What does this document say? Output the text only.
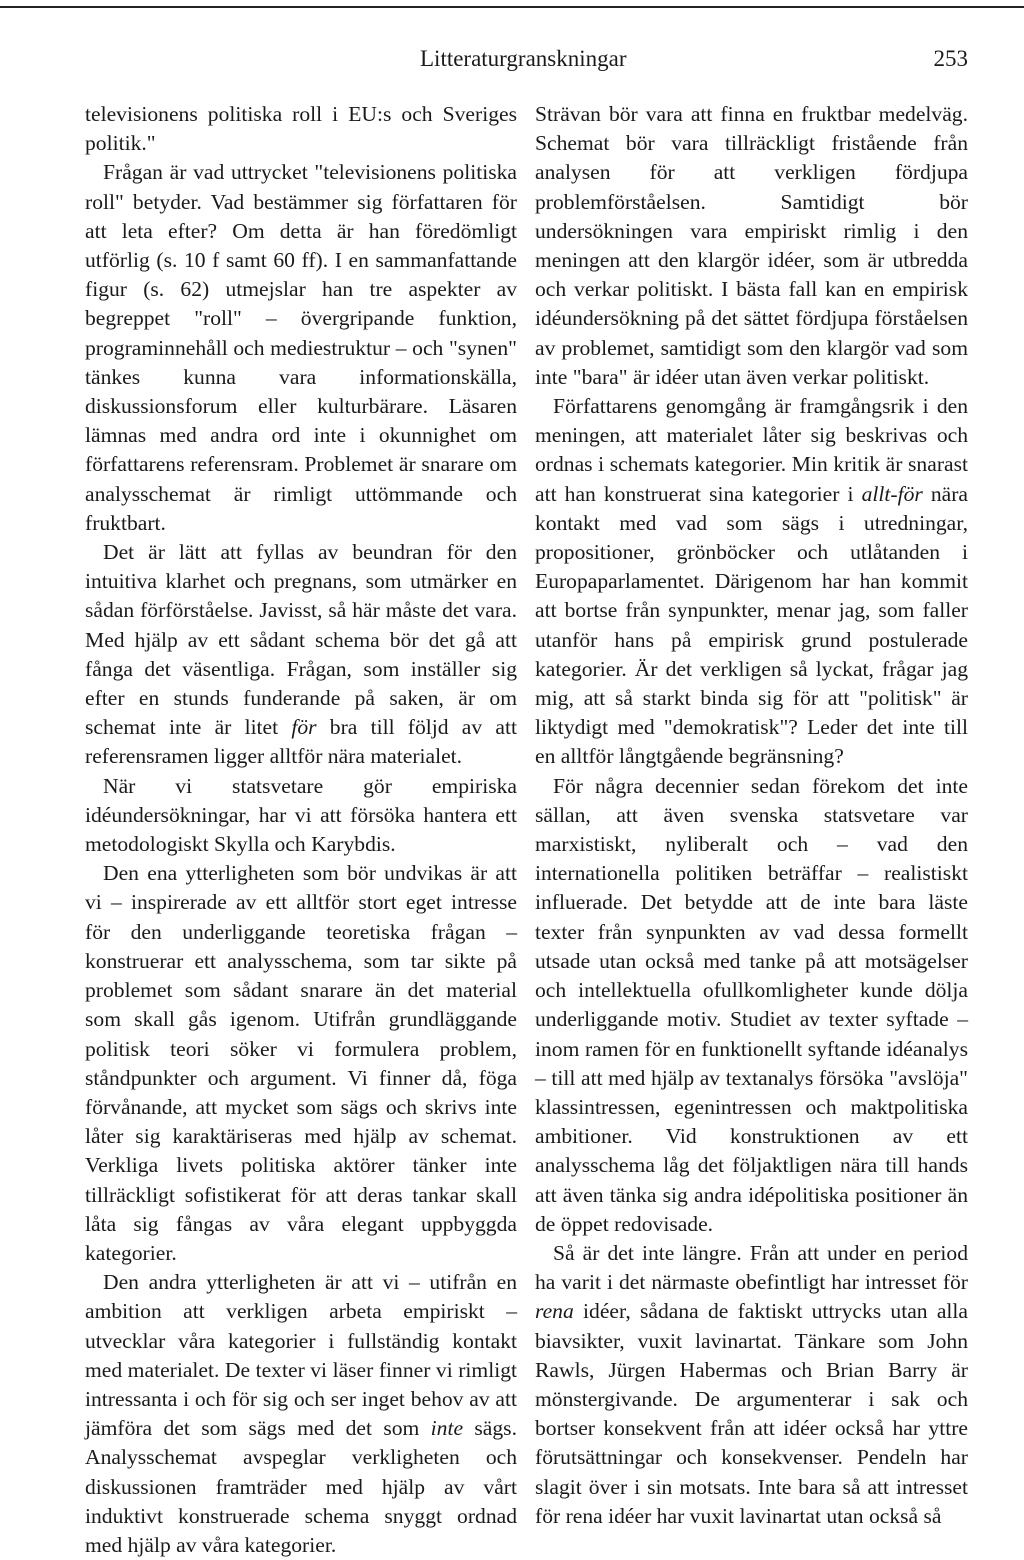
Litteraturgranskningar	253

televisionens politiska roll i EU:s och Sveriges politik."

Frågan är vad uttrycket "televisionens politiska roll" betyder. Vad bestämmer sig författaren för att leta efter? Om detta är han föredömligt utförlig (s. 10 f samt 60 ff). I en sammanfattande figur (s. 62) utmejslar han tre aspekter av begreppet "roll" – övergripande funktion, programinnehåll och mediestruktur – och "synen" tänkes kunna vara informationskälla, diskussionsforum eller kulturbärare. Läsaren lämnas med andra ord inte i okunnighet om författarens referensram. Problemet är snarare om analysschemat är rimligt uttömmande och fruktbart.

Det är lätt att fyllas av beundran för den intuitiva klarhet och pregnans, som utmärker en sådan förförståelse. Javisst, så här måste det vara. Med hjälp av ett sådant schema bör det gå att fånga det väsentliga. Frågan, som inställer sig efter en stunds funderande på saken, är om schemat inte är litet för bra till följd av att referensramen ligger alltför nära materialet.

När vi statsvetare gör empiriska idéundersökningar, har vi att försöka hantera ett metodologiskt Skylla och Karybdis.

Den ena ytterligheten som bör undvikas är att vi – inspirerade av ett alltför stort eget intresse för den underliggande teoretiska frågan – konstruerar ett analysschema, som tar sikte på problemet som sådant snarare än det material som skall gås igenom. Utifrån grundläggande politisk teori söker vi formulera problem, ståndpunkter och argument. Vi finner då, föga förvånande, att mycket som sägs och skrivs inte låter sig karaktäriseras med hjälp av schemat. Verkliga livets politiska aktörer tänker inte tillräckligt sofistikerat för att deras tankar skall låta sig fångas av våra elegant uppbyggda kategorier.

Den andra ytterligheten är att vi – utifrån en ambition att verkligen arbeta empiriskt – utvecklar våra kategorier i fullständig kontakt med materialet. De texter vi läser finner vi rimligt intressanta i och för sig och ser inget behov av att jämföra det som sägs med det som inte sägs. Analysschemat avspeglar verkligheten och diskussionen framträder med hjälp av vårt induktivt konstruerade schema snyggt ordnad med hjälp av våra kategorier.

Strävan bör vara att finna en fruktbar medelväg. Schemat bör vara tillräckligt fristående från analysen för att verkligen fördjupa problemförståelsen. Samtidigt bör undersökningen vara empiriskt rimlig i den meningen att den klargör idéer, som är utbredda och verkar politiskt. I bästa fall kan en empirisk idéundersökning på det sättet fördjupa förståelsen av problemet, samtidigt som den klargör vad som inte "bara" är idéer utan även verkar politiskt.

Författarens genomgång är framgångsrik i den meningen, att materialet låter sig beskrivas och ordnas i schemats kategorier. Min kritik är snarast att han konstruerat sina kategorier i allt-för nära kontakt med vad som sägs i utredningar, propositioner, grönböcker och utlåtanden i Europaparlamentet. Därigenom har han kommit att bortse från synpunkter, menar jag, som faller utanför hans på empirisk grund postulerade kategorier. Är det verkligen så lyckat, frågar jag mig, att så starkt binda sig för att "politisk" är liktydigt med "demokratisk"? Leder det inte till en alltför långtgående begränsning?

För några decennier sedan förekom det inte sällan, att även svenska statsvetare var marxistiskt, nyliberalt och – vad den internationella politiken beträffar – realistiskt influerade. Det betydde att de inte bara läste texter från synpunkten av vad dessa formellt utsade utan också med tanke på att motsägelser och intellektuella ofullkomligheter kunde dölja underliggande motiv. Studiet av texter syftade – inom ramen för en funktionellt syftande idéanalys – till att med hjälp av textanalys försöka "avslöja" klassintressen, egenintressen och maktpolitiska ambitioner. Vid konstruktionen av ett analysschema låg det följaktligen nära till hands att även tänka sig andra idépolitiska positioner än de öppet redovisade.

Så är det inte längre. Från att under en period ha varit i det närmaste obefintligt har intresset för rena idéer, sådana de faktiskt uttrycks utan alla biavsikter, vuxit lavinartat. Tänkare som John Rawls, Jürgen Habermas och Brian Barry är mönstergivande. De argumenterar i sak och bortser konsekvent från att idéer också har yttre förutsättningar och konsekvenser. Pendeln har slagit över i sin motsats. Inte bara så att intresset för rena idéer har vuxit lavinartat utan också så
